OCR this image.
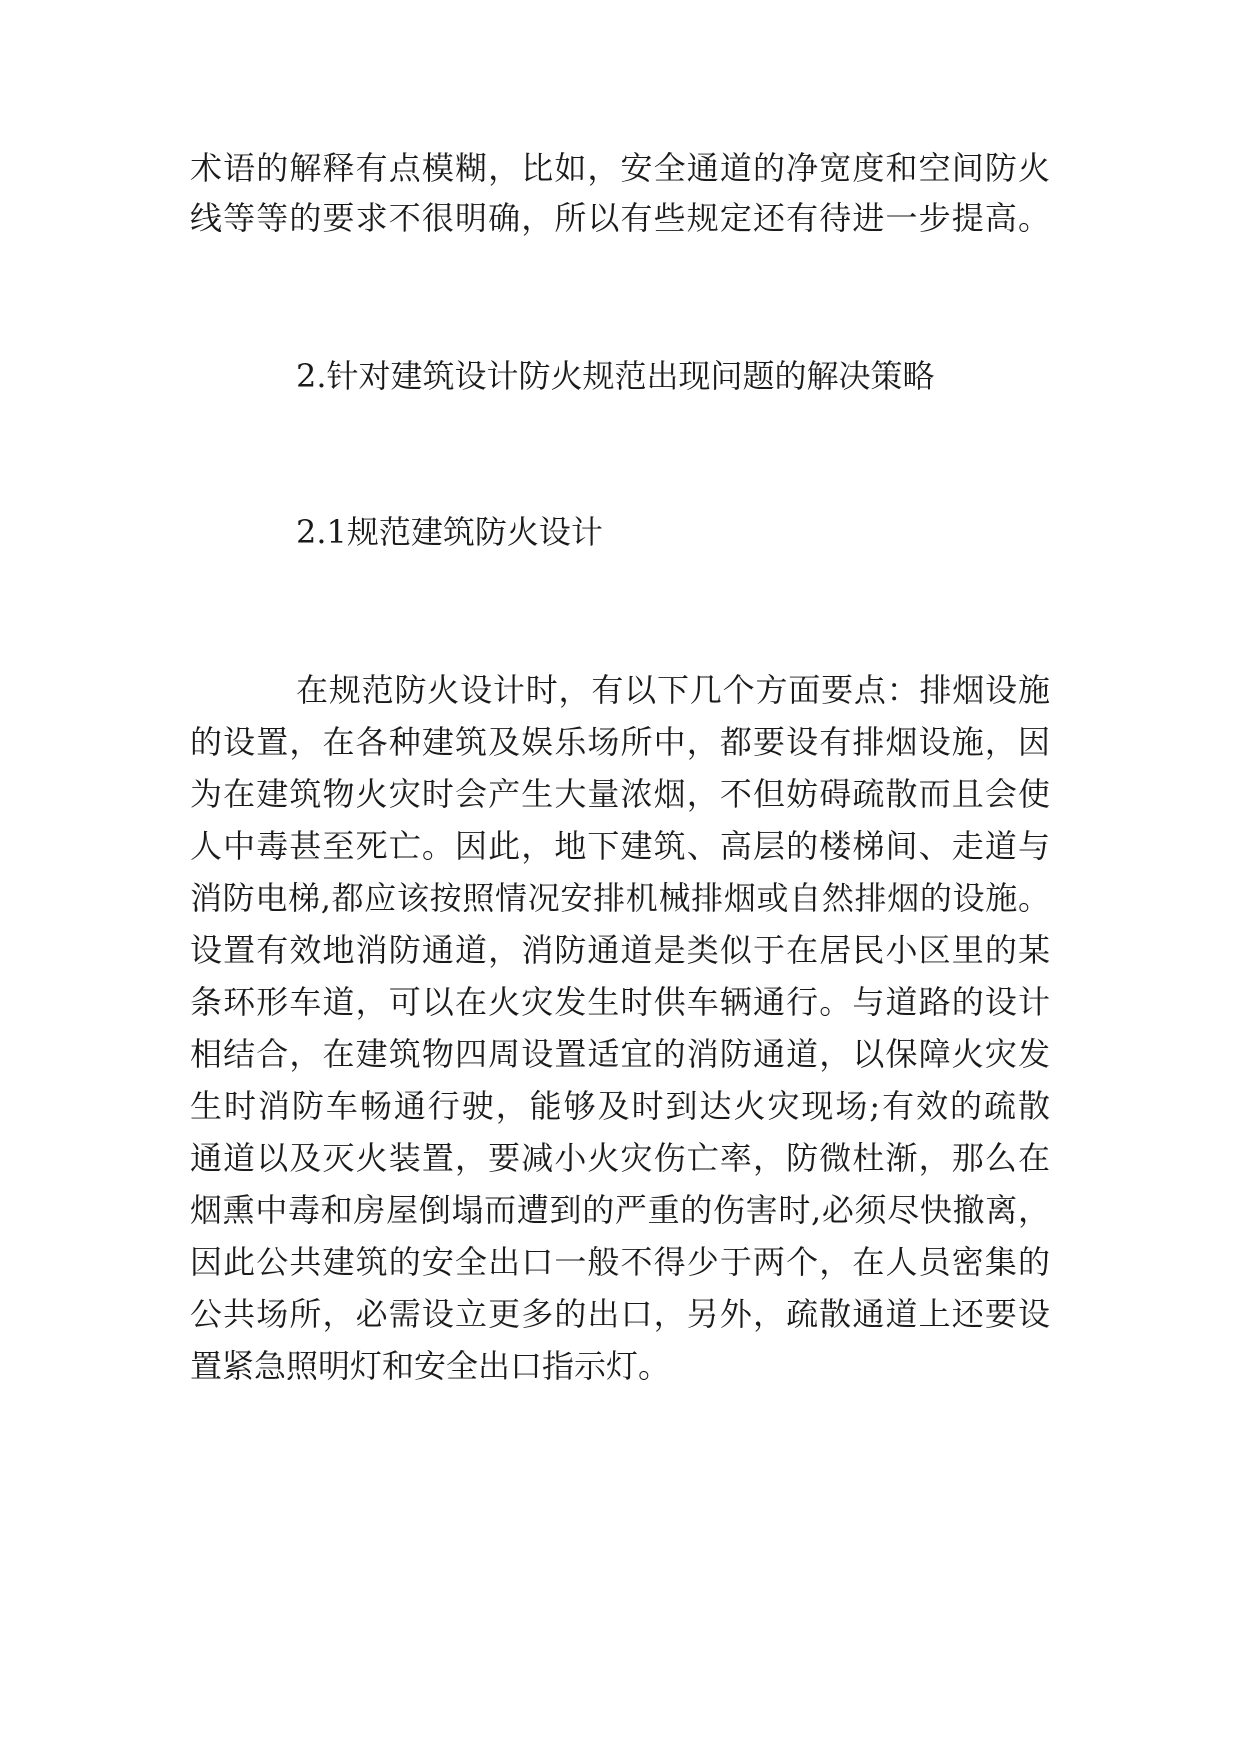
术语的解释有点模糊，比如，安全通道的净宽度和空间防火
线等等的要求不很明确，所以有些规定还有待进一步提高。
2.针对建筑设计防火规范出现问题的解决策略
2.1规范建筑防火设计
在规范防火设计时，有以下几个方面要点：排烟设施
的设置，在各种建筑及娱乐场所中，都要设有排烟设施，因
为在建筑物火灾时会产生大量浓烟，不但妨碍疏散而且会使
人中毒甚至死亡。因此，地下建筑、高层的楼梯间、走道与
消防电梯,都应该按照情况安排机械排烟或自然排烟的设施。
设置有效地消防通道，消防通道是类似于在居民小区里的某
条环形车道，可以在火灾发生时供车辆通行。与道路的设计
相结合，在建筑物四周设置适宜的消防通道，以保障火灾发
生时消防车畅通行驶，能够及时到达火灾现场;有效的疏散
通道以及灭火装置，要减小火灾伤亡率，防微杜渐，那么在
烟熏中毒和房屋倒塌而遭到的严重的伤害时,必须尽快撤离，
因此公共建筑的安全出口一般不得少于两个，在人员密集的
公共场所，必需设立更多的出口，另外，疏散通道上还要设
置紧急照明灯和安全出口指示灯。
